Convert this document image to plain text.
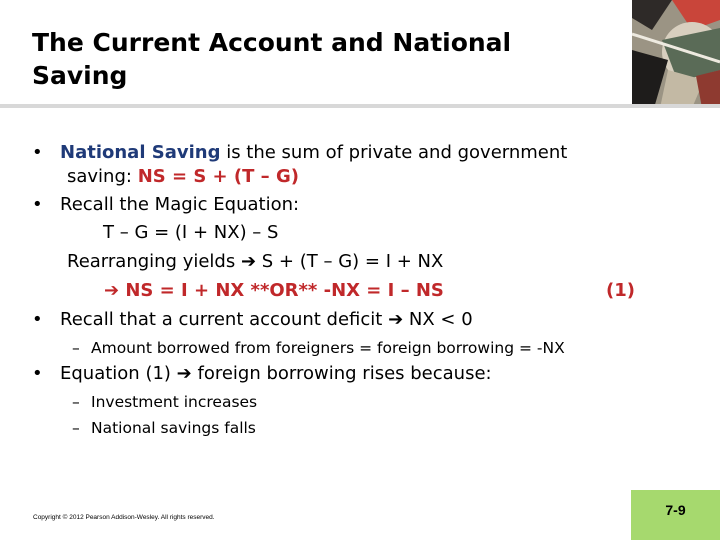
The Current Account and National Saving
• National Saving is the sum of private and government
saving: NS = S + (T – G)
• Recall the Magic Equation:
T – G = (I + NX) – S
Rearranging yields ➔ S + (T – G) = I + NX
➔ NS = I + NX **OR** -NX = I – NS	(1)
• Recall that a current account deficit ➔ NX < 0
– Amount borrowed from foreigners = foreign borrowing = -NX
• Equation (1) ➔ foreign borrowing rises because:
– Investment increases
– National savings falls
Copyright © 2012 Pearson Addison-Wesley. All rights reserved.	7-9
